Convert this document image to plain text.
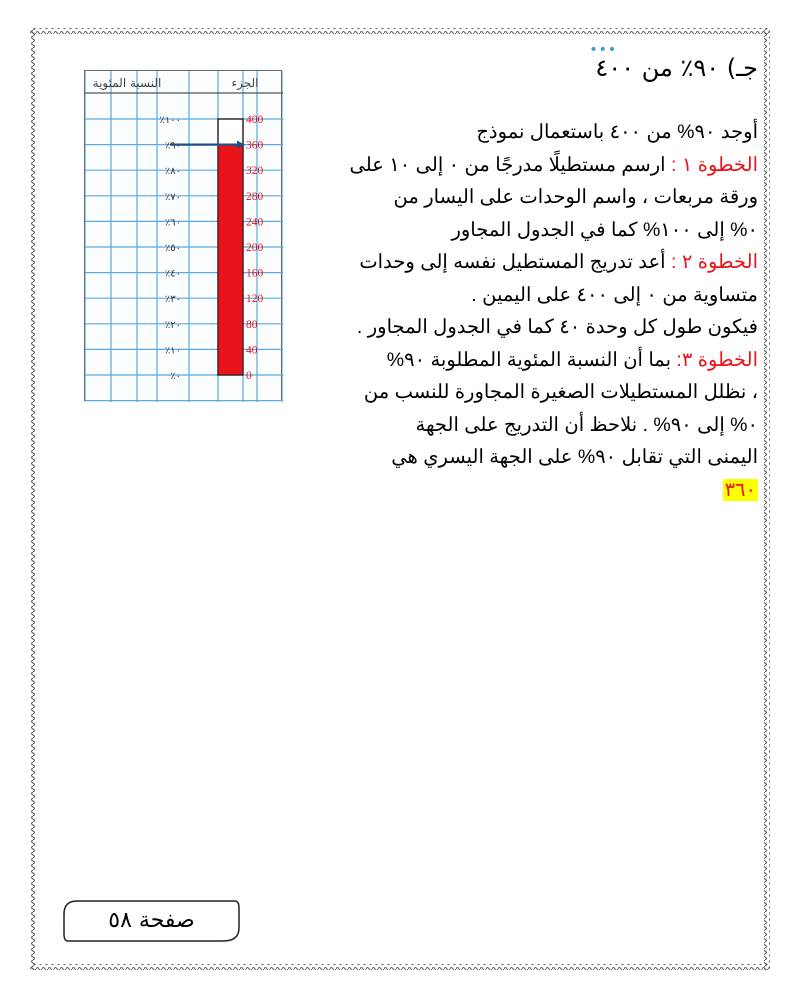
•••
جـ) ٩٠٪ من ٤٠٠
أوجد ٩٠% من ٤٠٠ باستعمال نموذج
الخطوة ١ : ارسم مستطيلًا مدرجًا من ٠ إلى ١٠ على
ورقة مربعات ، واسم الوحدات على اليسار من
٠% إلى ١٠٠% كما في الجدول المجاور
الخطوة ٢ : أعد تدريج المستطيل نفسه إلى وحدات
متساوية من ٠ إلى ٤٠٠ على اليمين .
فيكون طول كل وحدة ٤٠ كما في الجدول المجاور .
الخطوة ٣: بما أن النسبة المئوية المطلوبة ٩٠%
، نظلل المستطيلات الصغيرة المجاورة للنسب من
٠% إلى ٩٠% . نلاحظ أن التدريج على الجهة
اليمنى التي تقابل ٩٠% على الجهة اليسري هي
٣٦٠
النسبة المئوية	الجزء
٪١٠٠
٪٩٠
٪٨٠
٪٧٠
٪٦٠
٪٥٠
٪٤٠
٪٣٠
٪٢٠
٪١٠
٪٠
400
360
320
280
240
200
160
120
80
40
0
صفحة ٥٨
